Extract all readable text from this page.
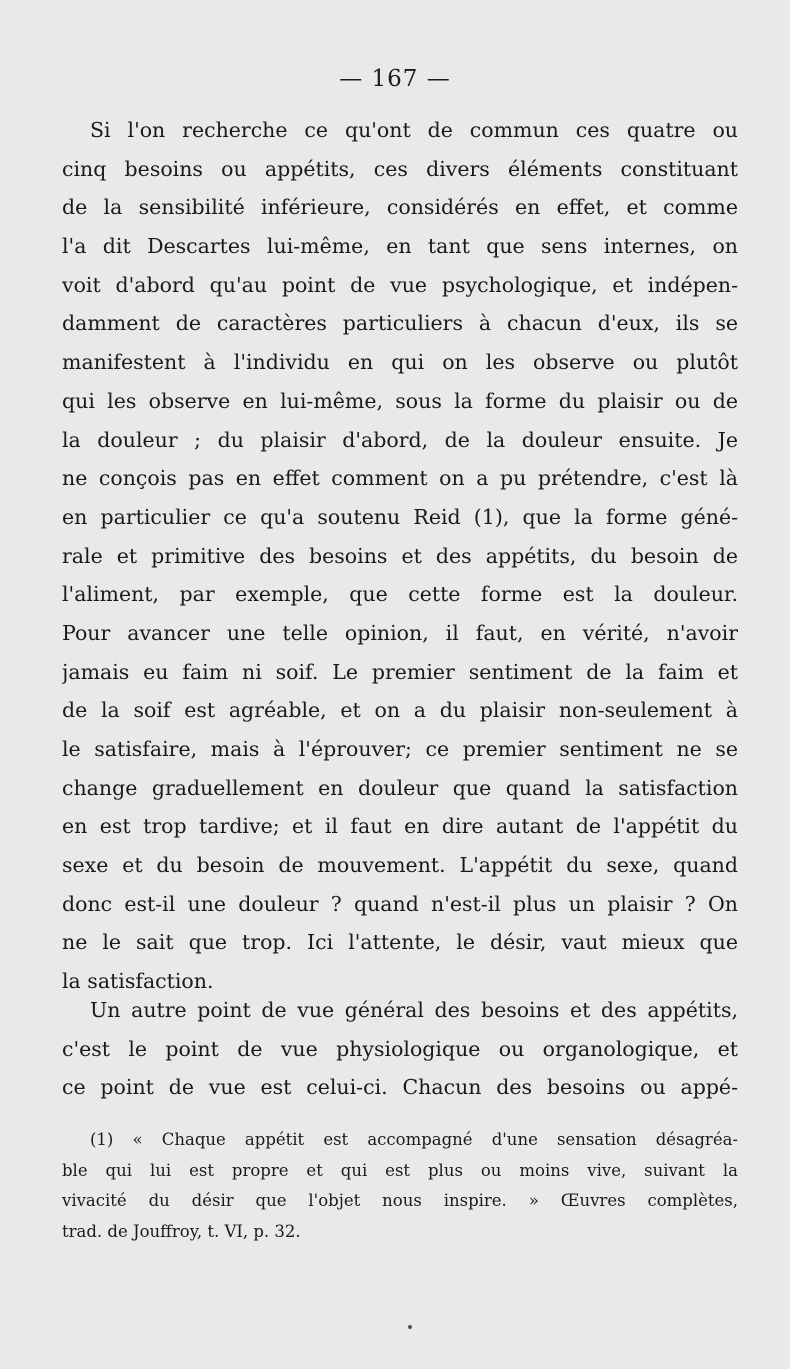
— 167 —
Si l'on recherche ce qu'ont de commun ces quatre ou
cinq besoins ou appétits, ces divers éléments constituant
de la sensibilité inférieure, considérés en effet, et comme
l'a dit Descartes lui-même, en tant que sens internes, on
voit d'abord qu'au point de vue psychologique, et indépen-
damment de caractères particuliers à chacun d'eux, ils se
manifestent à l'individu en qui on les observe ou plutôt
qui les observe en lui-même, sous la forme du plaisir ou de
la douleur ; du plaisir d'abord, de la douleur ensuite. Je
ne conçois pas en effet comment on a pu prétendre, c'est là
en particulier ce qu'a soutenu Reid (1), que la forme géné-
rale et primitive des besoins et des appétits, du besoin de
l'aliment, par exemple, que cette forme est la douleur.
Pour avancer une telle opinion, il faut, en vérité, n'avoir
jamais eu faim ni soif. Le premier sentiment de la faim et
de la soif est agréable, et on a du plaisir non-seulement à
le satisfaire, mais à l'éprouver; ce premier sentiment ne se
change graduellement en douleur que quand la satisfaction
en est trop tardive; et il faut en dire autant de l'appétit du
sexe et du besoin de mouvement. L'appétit du sexe, quand
donc est-il une douleur ? quand n'est-il plus un plaisir ? On
ne le sait que trop. Ici l'attente, le désir, vaut mieux que
la satisfaction.
Un autre point de vue général des besoins et des appétits,
c'est le point de vue physiologique ou organologique, et
ce point de vue est celui-ci. Chacun des besoins ou appé-
(1) « Chaque appétit est accompagné d'une sensation désagréa-
ble qui lui est propre et qui est plus ou moins vive, suivant la
vivacité du désir que l'objet nous inspire. » Œuvres complètes,
trad. de Jouffroy, t. VI, p. 32.
